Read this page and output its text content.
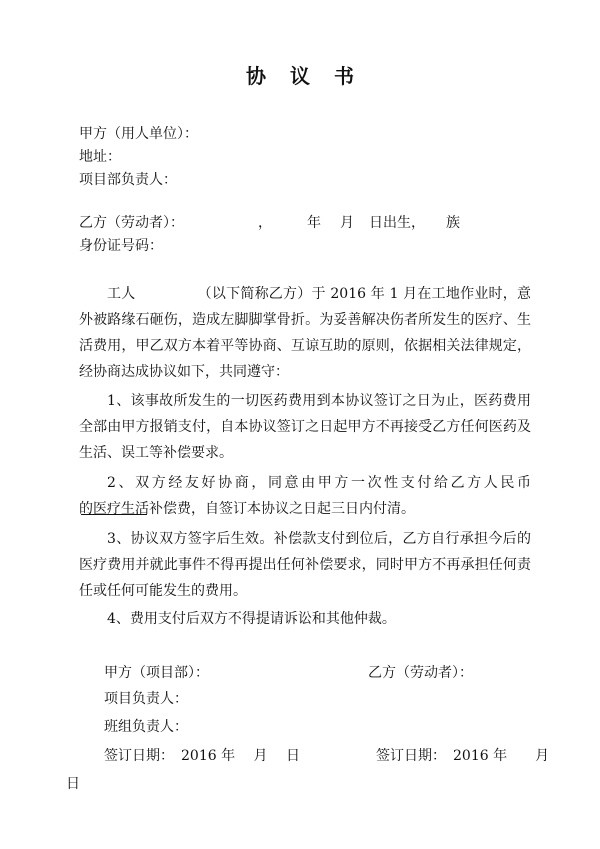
协 议 书
甲方（用人单位）：
地址：
项目部负责人：
乙方（劳动者）：	，	年 月 日出生， 族
身份证号码：
工人	（以下简称乙方）于 2016 年 1 月在工地作业时，意外被路缘石砸伤，造成左脚脚掌骨折。为妥善解决伤者所发生的医疗、生活费用，甲乙双方本着平等协商、互谅互助的原则，依据相关法律规定，经协商达成协议如下，共同遵守：
1、该事故所发生的一切医药费用到本协议签订之日为止，医药费用全部由甲方报销支付，自本协议签订之日起甲方不再接受乙方任何医药及生活、误工等补偿要求。
2、双方经友好协商，同意由甲方一次性支付给乙方人民币
的医疗生活补偿费，自签订本协议之日起三日内付清。
3、协议双方签字后生效。补偿款支付到位后，乙方自行承担今后的医疗费用并就此事件不得再提出任何补偿要求，同时甲方不再承担任何责任或任何可能发生的费用。
4、费用支付后双方不得提请诉讼和其他仲裁。
甲方（项目部）：	乙方（劳动者）：
项目负责人：
班组负责人：
签订日期：　2016 年　 月　 日	签订日期：　2016 年　　月
日
